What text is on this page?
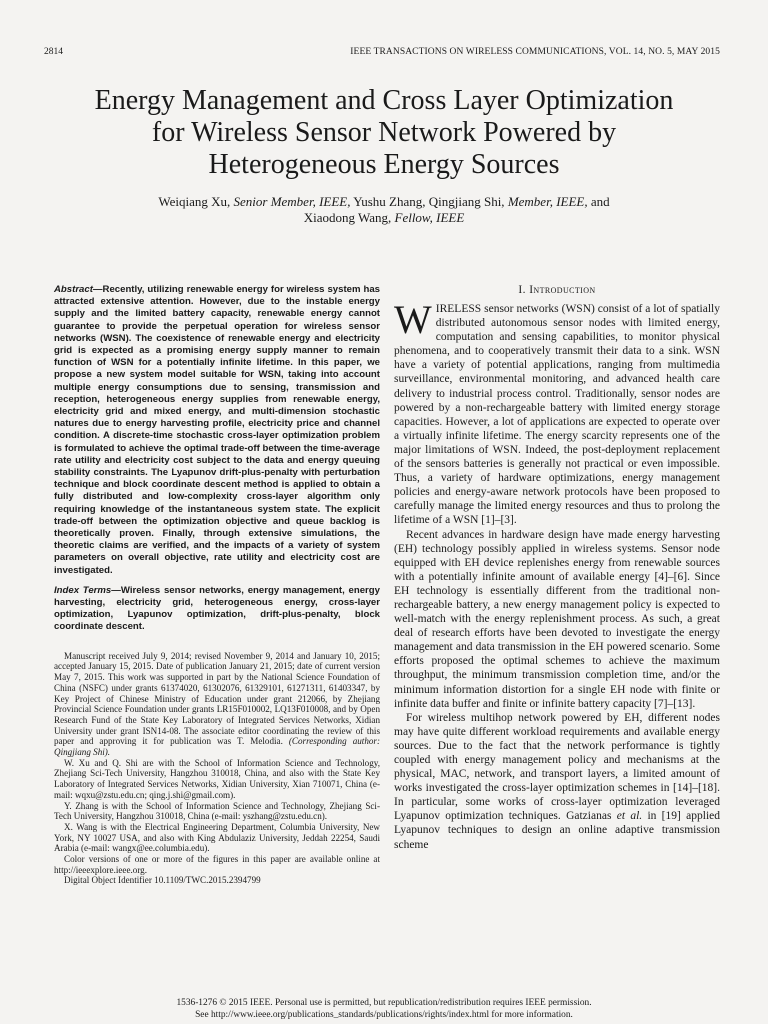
2814	IEEE TRANSACTIONS ON WIRELESS COMMUNICATIONS, VOL. 14, NO. 5, MAY 2015
Energy Management and Cross Layer Optimization
for Wireless Sensor Network Powered by
Heterogeneous Energy Sources
Weiqiang Xu, Senior Member, IEEE, Yushu Zhang, Qingjiang Shi, Member, IEEE, and
Xiaodong Wang, Fellow, IEEE

Abstract—Recently, utilizing renewable energy for wireless system has attracted extensive attention. However, due to the instable energy supply and the limited battery capacity, renewable energy cannot guarantee to provide the perpetual operation for wireless sensor networks (WSN). The coexistence of renewable energy and electricity grid is expected as a promising energy supply manner to remain function of WSN for a potentially infinite lifetime. In this paper, we propose a new system model suitable for WSN, taking into account multiple energy consumptions due to sensing, transmission and reception, heterogeneous energy supplies from renewable energy, electricity grid and mixed energy, and multi-dimension stochastic natures due to energy harvesting profile, electricity price and channel condition. A discrete-time stochastic cross-layer optimization problem is formulated to achieve the optimal trade-off between the time-average rate utility and electricity cost subject to the data and energy queuing stability constraints. The Lyapunov drift-plus-penalty with perturbation technique and block coordinate descent method is applied to obtain a fully distributed and low-complexity cross-layer algorithm only requiring knowledge of the instantaneous system state. The explicit trade-off between the optimization objective and queue backlog is theoretically proven. Finally, through extensive simulations, the theoretic claims are verified, and the impacts of a variety of system parameters on overall objective, rate utility and electricity cost are investigated.

Index Terms—Wireless sensor networks, energy management, energy harvesting, electricity grid, heterogeneous energy, cross-layer optimization, Lyapunov optimization, drift-plus-penalty, block coordinate descent.

Manuscript received July 9, 2014; revised November 9, 2014 and January 10, 2015; accepted January 15, 2015. Date of publication January 21, 2015; date of current version May 7, 2015. This work was supported in part by the National Science Foundation of China (NSFC) under grants 61374020, 61302076, 61329101, 61271311, 61403347, by Key Project of Chinese Ministry of Education under grant 212066, by Zhejiang Provincial Science Foundation under grants LR15F010002, LQ13F010008, and by Open Research Fund of the State Key Laboratory of Integrated Services Networks, Xidian University under grant ISN14-08. The associate editor coordinating the review of this paper and approving it for publication was T. Melodia. (Corresponding author: Qingjiang Shi).

W. Xu and Q. Shi are with the School of Information Science and Technology, Zhejiang Sci-Tech University, Hangzhou 310018, China, and also with the State Key Laboratory of Integrated Services Networks, Xidian University, Xian 710071, China (e-mail: wqxu@zstu.edu.cn; qing.j.shi@gmail.com).

Y. Zhang is with the School of Information Science and Technology, Zhejiang Sci-Tech University, Hangzhou 310018, China (e-mail: yszhang@zstu.edu.cn).

X. Wang is with the Electrical Engineering Department, Columbia University, New York, NY 10027 USA, and also with King Abdulaziz University, Jeddah 22254, Saudi Arabia (e-mail: wangx@ee.columbia.edu).

Color versions of one or more of the figures in this paper are available online at http://ieeexplore.ieee.org.

Digital Object Identifier 10.1109/TWC.2015.2394799

I. Introduction

WIRELESS sensor networks (WSN) consist of a lot of spatially distributed autonomous sensor nodes with limited energy, computation and sensing capabilities, to monitor physical phenomena, and to cooperatively transmit their data to a sink. WSN have a variety of potential applications, ranging from multimedia surveillance, environmental monitoring, and advanced health care delivery to industrial process control. Traditionally, sensor nodes are powered by a non-rechargeable battery with limited energy storage capacities. However, a lot of applications are expected to operate over a virtually infinite lifetime. The energy scarcity represents one of the major limitations of WSN. Indeed, the post-deployment replacement of the sensors batteries is generally not practical or even impossible. Thus, a variety of hardware optimizations, energy management policies and energy-aware network protocols have been proposed to carefully manage the limited energy resources and thus to prolong the lifetime of a WSN [1]–[3].

Recent advances in hardware design have made energy harvesting (EH) technology possibly applied in wireless systems. Sensor node equipped with EH device replenishes energy from renewable sources with a potentially infinite amount of available energy [4]–[6]. Since EH technology is essentially different from the traditional non-rechargeable battery, a new energy management policy is expected to well-match with the energy replenishment process. As such, a great deal of research efforts have been devoted to investigate the energy management and data transmission in the EH powered scenario. Some efforts proposed the optimal schemes to achieve the maximum throughput, the minimum transmission completion time, and/or the minimum information distortion for a single EH node with finite or infinite data buffer and finite or infinite battery capacity [7]–[13].

For wireless multihop network powered by EH, different nodes may have quite different workload requirements and available energy sources. Due to the fact that the network performance is tightly coupled with energy management policy and mechanisms at the physical, MAC, network, and transport layers, a limited amount of works investigated the cross-layer optimization schemes in [14]–[18]. In particular, some works of cross-layer optimization leveraged Lyapunov optimization techniques. Gatzianas et al. in [19] applied Lyapunov techniques to design an online adaptive transmission scheme

1536-1276 © 2015 IEEE. Personal use is permitted, but republication/redistribution requires IEEE permission.
See http://www.ieee.org/publications_standards/publications/rights/index.html for more information.
